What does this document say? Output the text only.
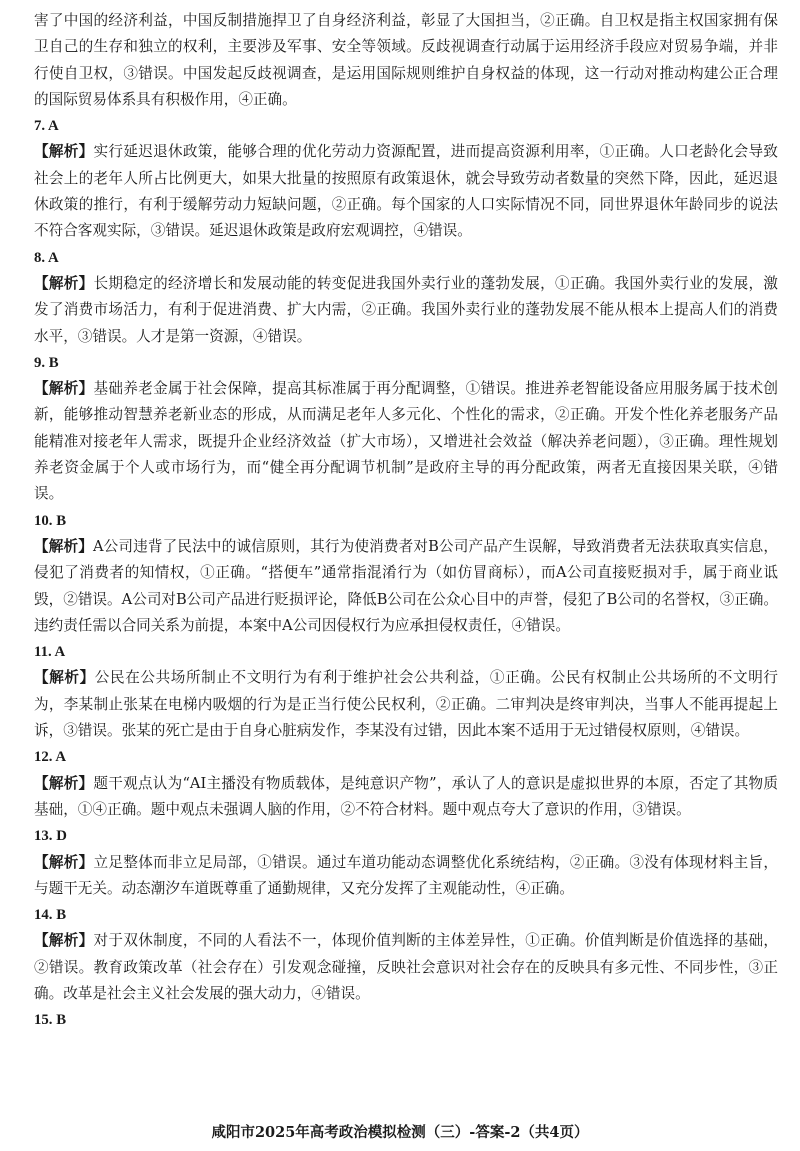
害了中国的经济利益，中国反制措施捍卫了自身经济利益，彰显了大国担当，②正确。自卫权是指主权国家拥有保卫自己的生存和独立的权利，主要涉及军事、安全等领域。反歧视调查行动属于运用经济手段应对贸易争端，并非行使自卫权，③错误。中国发起反歧视调查，是运用国际规则维护自身权益的体现，这一行动对推动构建公正合理的国际贸易体系具有积极作用，④正确。

7. A

【解析】实行延迟退休政策，能够合理的优化劳动力资源配置，进而提高资源利用率，①正确。人口老龄化会导致社会上的老年人所占比例更大，如果大批量的按照原有政策退休，就会导致劳动者数量的突然下降，因此，延迟退休政策的推行，有利于缓解劳动力短缺问题，②正确。每个国家的人口实际情况不同，同世界退休年龄同步的说法不符合客观实际，③错误。延迟退休政策是政府宏观调控，④错误。

8. A

【解析】长期稳定的经济增长和发展动能的转变促进我国外卖行业的蓬勃发展，①正确。我国外卖行业的发展，激发了消费市场活力，有利于促进消费、扩大内需，②正确。我国外卖行业的蓬勃发展不能从根本上提高人们的消费水平，③错误。人才是第一资源，④错误。

9. B

【解析】基础养老金属于社会保障，提高其标准属于再分配调整，①错误。推进养老智能设备应用服务属于技术创新，能够推动智慧养老新业态的形成，从而满足老年人多元化、个性化的需求，②正确。开发个性化养老服务产品能精准对接老年人需求，既提升企业经济效益（扩大市场），又增进社会效益（解决养老问题），③正确。理性规划养老资金属于个人或市场行为，而“健全再分配调节机制”是政府主导的再分配政策，两者无直接因果关联，④错误。

10. B

【解析】A公司违背了民法中的诚信原则，其行为使消费者对B公司产品产生误解，导致消费者无法获取真实信息，侵犯了消费者的知情权，①正确。“搭便车”通常指混淆行为（如仿冒商标），而A公司直接贬损对手，属于商业诋毁，②错误。A公司对B公司产品进行贬损评论，降低B公司在公众心目中的声誉，侵犯了B公司的名誉权，③正确。违约责任需以合同关系为前提，本案中A公司因侵权行为应承担侵权责任，④错误。

11. A

【解析】公民在公共场所制止不文明行为有利于维护社会公共利益，①正确。公民有权制止公共场所的不文明行为，李某制止张某在电梯内吸烟的行为是正当行使公民权利，②正确。二审判决是终审判决，当事人不能再提起上诉，③错误。张某的死亡是由于自身心脏病发作，李某没有过错，因此本案不适用于无过错侵权原则，④错误。

12. A

【解析】题干观点认为“AI主播没有物质载体，是纯意识产物”，承认了人的意识是虚拟世界的本原，否定了其物质基础，①④正确。题中观点未强调人脑的作用，②不符合材料。题中观点夸大了意识的作用，③错误。

13. D

【解析】立足整体而非立足局部，①错误。通过车道功能动态调整优化系统结构，②正确。③没有体现材料主旨，与题干无关。动态潮汐车道既尊重了通勤规律，又充分发挥了主观能动性，④正确。

14. B

【解析】对于双休制度，不同的人看法不一，体现价值判断的主体差异性，①正确。价值判断是价值选择的基础，②错误。教育政策改革（社会存在）引发观念碰撞，反映社会意识对社会存在的反映具有多元性、不同步性，③正确。改革是社会主义社会发展的强大动力，④错误。

15. B

咸阳市2025年高考政治模拟检测（三）-答案-2（共4页）
